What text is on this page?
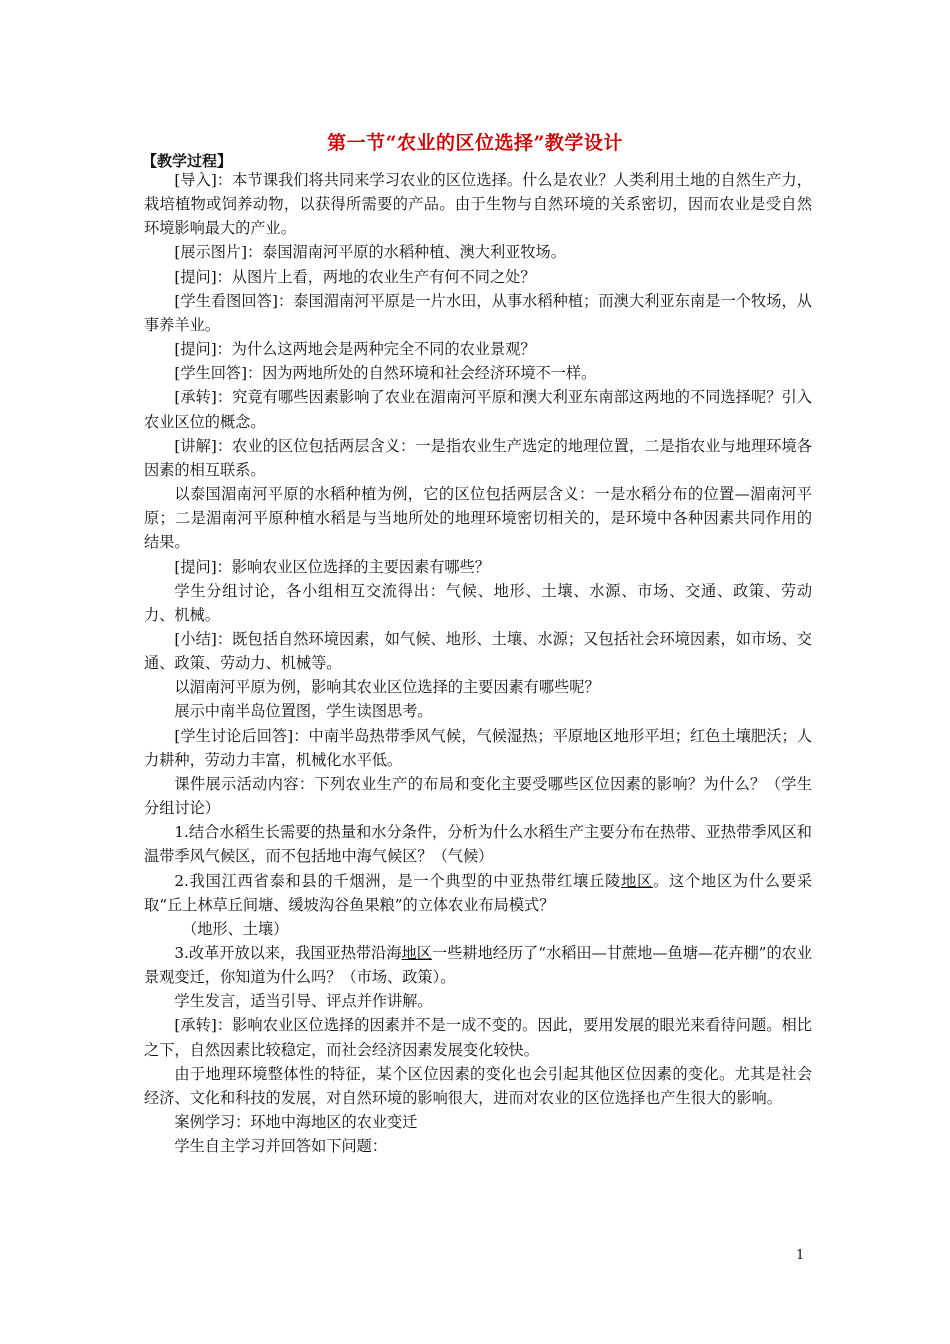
第一节“农业的区位选择”教学设计
【教学过程】

[导入]：本节课我们将共同来学习农业的区位选择。什么是农业？人类利用土地的自然生产力，栽培植物或饲养动物，以获得所需要的产品。由于生物与自然环境的关系密切，因而农业是受自然环境影响最大的产业。

[展示图片]：泰国湄南河平原的水稻种植、澳大利亚牧场。

[提问]：从图片上看，两地的农业生产有何不同之处？

[学生看图回答]：泰国湄南河平原是一片水田，从事水稻种植；而澳大利亚东南是一个牧场，从事养羊业。

[提问]：为什么这两地会是两种完全不同的农业景观？

[学生回答]：因为两地所处的自然环境和社会经济环境不一样。

[承转]：究竟有哪些因素影响了农业在湄南河平原和澳大利亚东南部这两地的不同选择呢？引入农业区位的概念。

[讲解]：农业的区位包括两层含义：一是指农业生产选定的地理位置，二是指农业与地理环境各因素的相互联系。

以泰国湄南河平原的水稻种植为例，它的区位包括两层含义：一是水稻分布的位置—湄南河平原；二是湄南河平原种植水稻是与当地所处的地理环境密切相关的，是环境中各种因素共同作用的结果。

[提问]：影响农业区位选择的主要因素有哪些？

学生分组讨论，各小组相互交流得出：气候、地形、土壤、水源、市场、交通、政策、劳动力、机械。

[小结]：既包括自然环境因素，如气候、地形、土壤、水源；又包括社会环境因素，如市场、交通、政策、劳动力、机械等。

以湄南河平原为例，影响其农业区位选择的主要因素有哪些呢？

展示中南半岛位置图，学生读图思考。

[学生讨论后回答]：中南半岛热带季风气候，气候湿热；平原地区地形平坦；红色土壤肥沃；人力耕种，劳动力丰富，机械化水平低。

课件展示活动内容：下列农业生产的布局和变化主要受哪些区位因素的影响？为什么？（学生分组讨论）

1.结合水稻生长需要的热量和水分条件，分析为什么水稻生产主要分布在热带、亚热带季风区和温带季风气候区，而不包括地中海气候区？（气候）

2.我国江西省泰和县的千烟洲，是一个典型的中亚热带红壤丘陵地区。这个地区为什么要采取“丘上林草丘间塘、缓坡沟谷鱼果粮”的立体农业布局模式？

（地形、土壤）

3.改革开放以来，我国亚热带沿海地区一些耕地经历了“水稻田—甘蔗地—鱼塘—花卉棚”的农业景观变迁，你知道为什么吗？（市场、政策）。

学生发言，适当引导、评点并作讲解。

[承转]：影响农业区位选择的因素并不是一成不变的。因此，要用发展的眼光来看待问题。相比之下，自然因素比较稳定，而社会经济因素发展变化较快。

由于地理环境整体性的特征，某个区位因素的变化也会引起其他区位因素的变化。尤其是社会经济、文化和科技的发展，对自然环境的影响很大，进而对农业的区位选择也产生很大的影响。

案例学习：环地中海地区的农业变迁

学生自主学习并回答如下问题：

1
